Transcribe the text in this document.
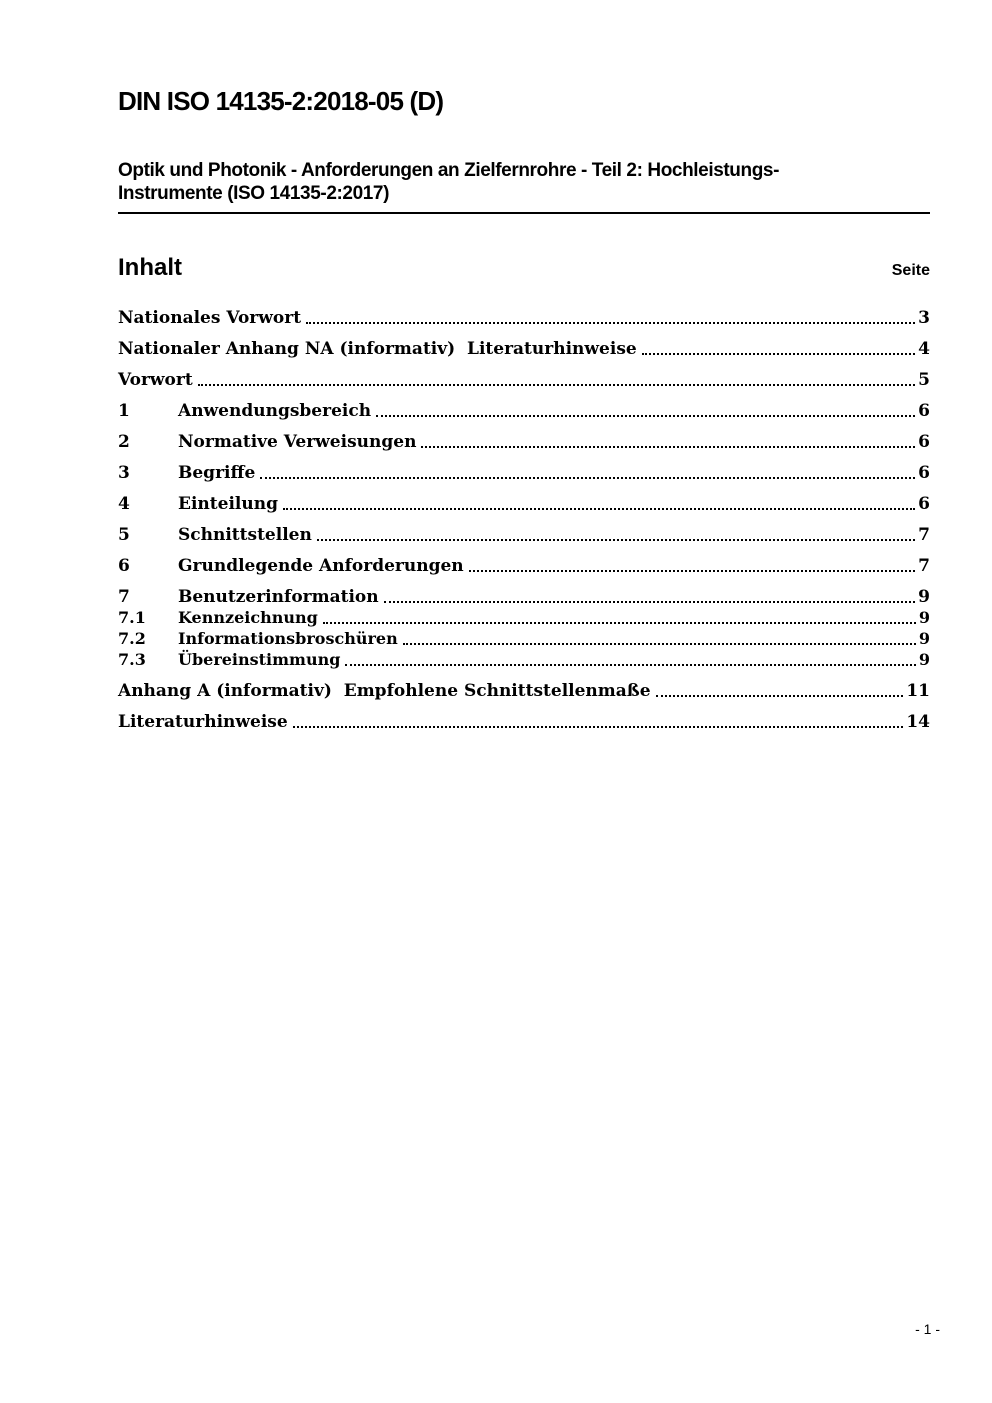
DIN ISO 14135-2:2018-05 (D)
Optik und Photonik - Anforderungen an Zielfernrohre - Teil 2: Hochleistungs-
Instrumente (ISO 14135-2:2017)
Inhalt	Seite
Nationales Vorwort	3
Nationaler Anhang NA (informativ)  Literaturhinweise	4
Vorwort	5
1	Anwendungsbereich	6
2	Normative Verweisungen	6
3	Begriffe	6
4	Einteilung	6
5	Schnittstellen	7
6	Grundlegende Anforderungen	7
7	Benutzerinformation	9
7.1	Kennzeichnung	9
7.2	Informationsbroschüren	9
7.3	Übereinstimmung	9
Anhang A (informativ)  Empfohlene Schnittstellenmaße	11
Literaturhinweise	14
- 1 -
